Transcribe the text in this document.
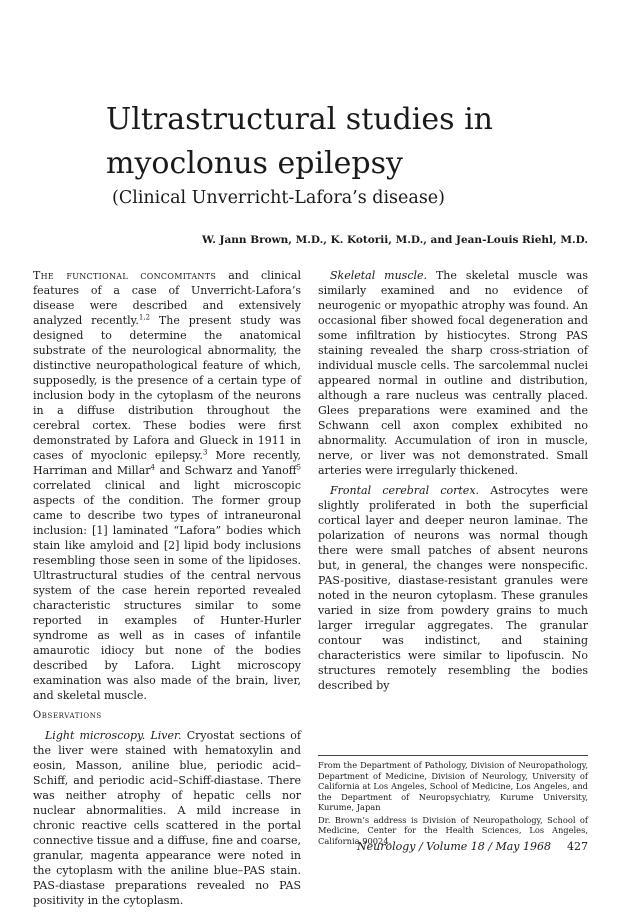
Ultrastructural studies in
myoclonus epilepsy

(Clinical Unverricht-Lafora’s disease)

W. Jann Brown, M.D., K. Kotorii, M.D., and Jean-Louis Riehl, M.D.

The functional concomitants and clinical features of a case of Unverricht-Lafora’s disease were described and extensively analyzed recently.$^{1,2}$ The present study was designed to determine the anatomical substrate of the neurological abnormality, the distinctive neuropathological feature of which, supposedly, is the presence of a certain type of inclusion body in the cytoplasm of the neurons in a diffuse distribution throughout the cerebral cortex. These bodies were first demonstrated by Lafora and Glueck in 1911 in cases of myoclonic epilepsy.$^3$ More recently, Harriman and Millar$^4$ and Schwarz and Yanoff$^5$ correlated clinical and light microscopic aspects of the condition. The former group came to describe two types of intraneuronal inclusion: [1] laminated “Lafora” bodies which stain like amyloid and [2] lipid body inclusions resembling those seen in some of the lipidoses. Ultrastructural studies of the central nervous system of the case herein reported revealed characteristic structures similar to some reported in examples of Hunter-Hurler syndrome as well as in cases of infantile amaurotic idiocy but none of the bodies described by Lafora. Light microscopy examination was also made of the brain, liver, and skeletal muscle.

Observations

Light microscopy. Liver. Cryostat sections of the liver were stained with hematoxylin and eosin, Masson, aniline blue, periodic acid–Schiff, and periodic acid–Schiff-diastase. There was neither atrophy of hepatic cells nor nuclear abnormalities. A mild increase in chronic reactive cells scattered in the portal connective tissue and a diffuse, fine and coarse, granular, magenta appearance were noted in the cytoplasm with the aniline blue–PAS stain. PAS-diastase preparations revealed no PAS positivity in the cytoplasm.

Skeletal muscle. The skeletal muscle was similarly examined and no evidence of neurogenic or myopathic atrophy was found. An occasional fiber showed focal degeneration and some infiltration by histiocytes. Strong PAS staining revealed the sharp cross-striation of individual muscle cells. The sarcolemmal nuclei appeared normal in outline and distribution, although a rare nucleus was centrally placed. Glees preparations were examined and the Schwann cell axon complex exhibited no abnormality. Accumulation of iron in muscle, nerve, or liver was not demonstrated. Small arteries were irregularly thickened.

Frontal cerebral cortex. Astrocytes were slightly proliferated in both the superficial cortical layer and deeper neuron laminae. The polarization of neurons was normal though there were small patches of absent neurons but, in general, the changes were nonspecific. PAS-positive, diastase-resistant granules were noted in the neuron cytoplasm. These granules varied in size from powdery grains to much larger irregular aggregates. The granular contour was indistinct, and staining characteristics were similar to lipofuscin. No structures remotely resembling the bodies described by

From the Department of Pathology, Division of Neuropathology, Department of Medicine, Division of Neurology, University of California at Los Angeles, School of Medicine, Los Angeles, and the Department of Neuropsychiatry, Kurume University, Kurume, Japan

Dr. Brown’s address is Division of Neuropathology, School of Medicine, Center for the Health Sciences, Los Angeles, California 90024.

Neurology / Volume 18 / May 1968 427
